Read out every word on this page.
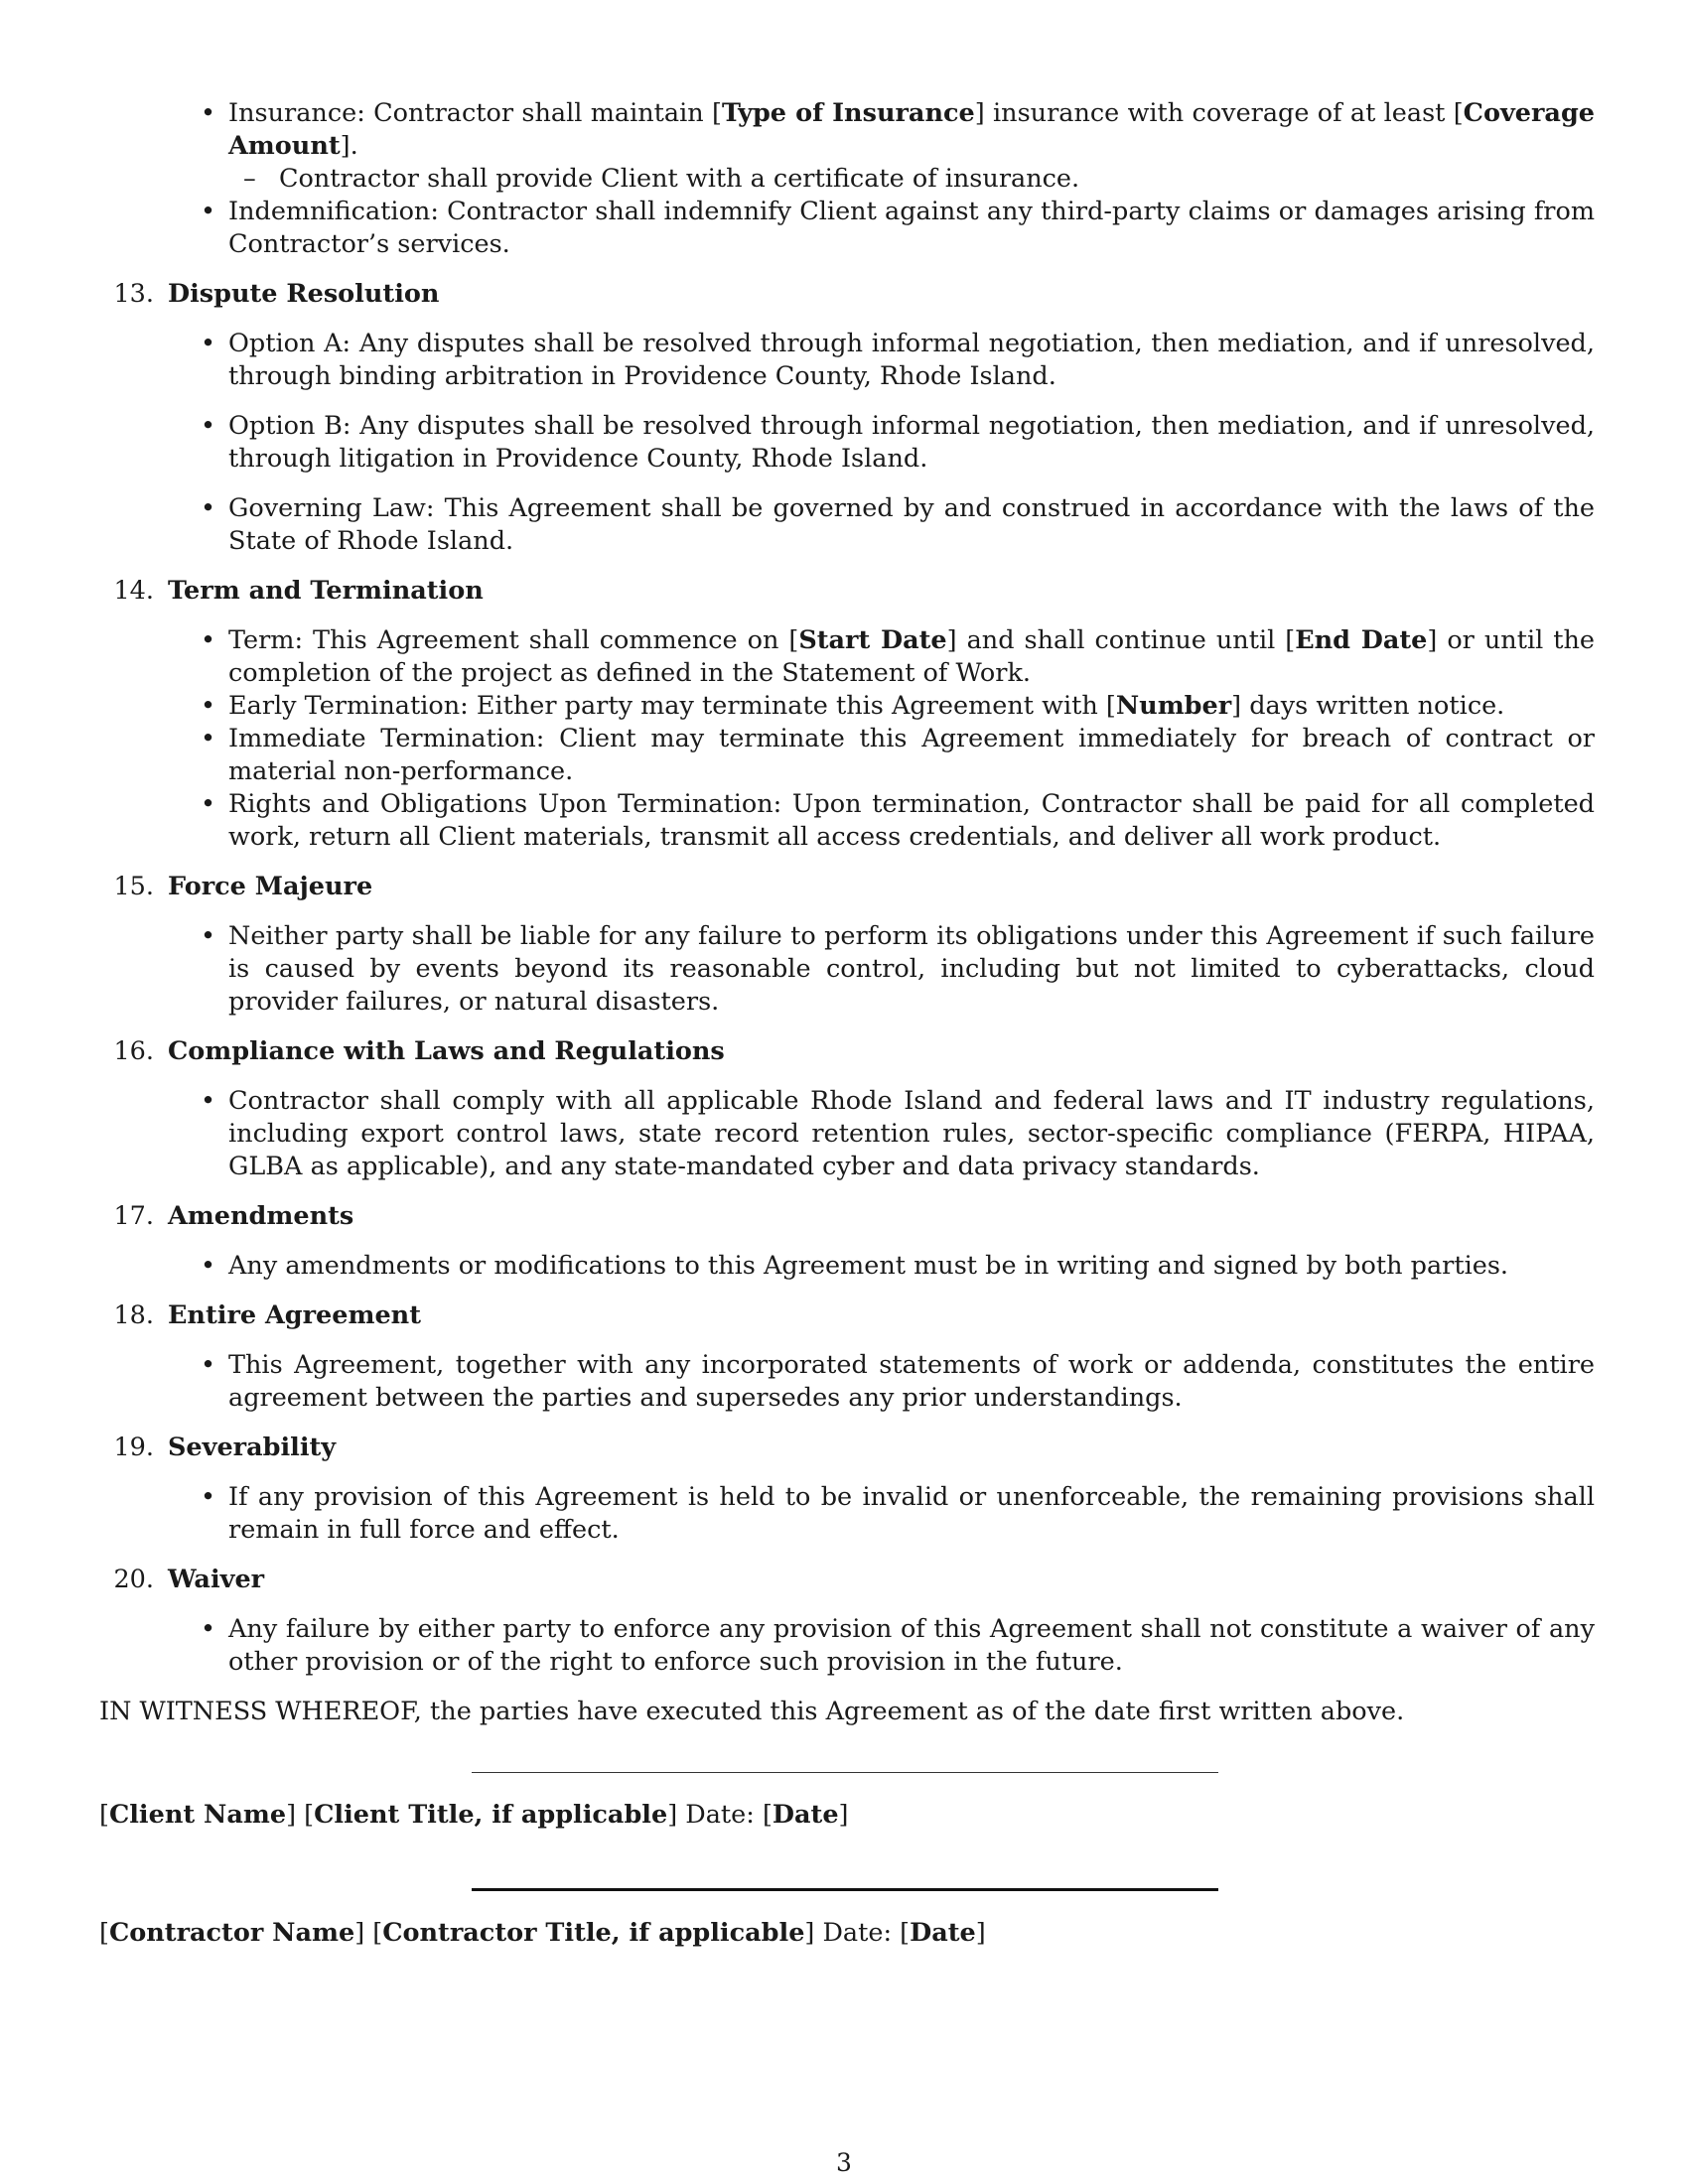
• Insurance: Contractor shall maintain [Type of Insurance] insurance with coverage of at least [Coverage Amount].
– Contractor shall provide Client with a certificate of insurance.
• Indemnification: Contractor shall indemnify Client against any third-party claims or damages arising from Contractor’s services.
13. Dispute Resolution
• Option A: Any disputes shall be resolved through informal negotiation, then mediation, and if unresolved, through binding arbitration in Providence County, Rhode Island.
• Option B: Any disputes shall be resolved through informal negotiation, then mediation, and if unresolved, through litigation in Providence County, Rhode Island.
• Governing Law: This Agreement shall be governed by and construed in accordance with the laws of the State of Rhode Island.
14. Term and Termination
• Term: This Agreement shall commence on [Start Date] and shall continue until [End Date] or until the completion of the project as defined in the Statement of Work.
• Early Termination: Either party may terminate this Agreement with [Number] days written notice.
• Immediate Termination: Client may terminate this Agreement immediately for breach of contract or material non-performance.
• Rights and Obligations Upon Termination: Upon termination, Contractor shall be paid for all completed work, return all Client materials, transmit all access credentials, and deliver all work product.
15. Force Majeure
• Neither party shall be liable for any failure to perform its obligations under this Agreement if such failure is caused by events beyond its reasonable control, including but not limited to cyberattacks, cloud provider failures, or natural disasters.
16. Compliance with Laws and Regulations
• Contractor shall comply with all applicable Rhode Island and federal laws and IT industry regulations, including export control laws, state record retention rules, sector-specific compliance (FERPA, HIPAA, GLBA as applicable), and any state-mandated cyber and data privacy standards.
17. Amendments
• Any amendments or modifications to this Agreement must be in writing and signed by both parties.
18. Entire Agreement
• This Agreement, together with any incorporated statements of work or addenda, constitutes the entire agreement between the parties and supersedes any prior understandings.
19. Severability
• If any provision of this Agreement is held to be invalid or unenforceable, the remaining provisions shall remain in full force and effect.
20. Waiver
• Any failure by either party to enforce any provision of this Agreement shall not constitute a waiver of any other provision or of the right to enforce such provision in the future.
IN WITNESS WHEREOF, the parties have executed this Agreement as of the date first written above.
[Client Name] [Client Title, if applicable] Date: [Date]
[Contractor Name] [Contractor Title, if applicable] Date: [Date]
3
